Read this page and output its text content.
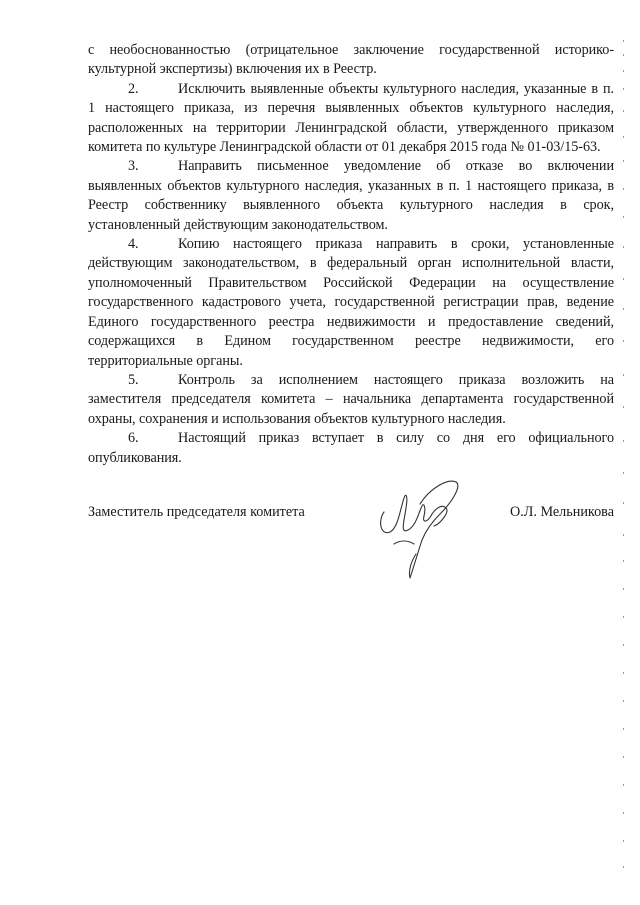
с необоснованностью (отрицательное заключение государственной историко-культурной экспертизы) включения их в Реестр.

2.	Исключить выявленные объекты культурного наследия, указанные в п. 1 настоящего приказа, из перечня выявленных объектов культурного наследия, расположенных на территории Ленинградской области, утвержденного приказом комитета по культуре Ленинградской области от 01 декабря 2015 года № 01-03/15-63.

3.	Направить письменное уведомление об отказе во включении выявленных объектов культурного наследия, указанных в п. 1 настоящего приказа, в Реестр собственнику выявленного объекта культурного наследия в срок, установленный действующим законодательством.

4.	Копию настоящего приказа направить в сроки, установленные действующим законодательством, в федеральный орган исполнительной власти, уполномоченный Правительством Российской Федерации на осуществление государственного кадастрового учета, государственной регистрации прав, ведение Единого государственного реестра недвижимости и предоставление сведений, содержащихся в Едином государственном реестре недвижимости, его территориальные органы.

5.	Контроль за исполнением настоящего приказа возложить на заместителя председателя комитета – начальника департамента государственной охраны, сохранения и использования объектов культурного наследия.

6.	Настоящий приказ вступает в силу со дня его официального опубликования.

Заместитель председателя комитета	О.Л. Мельникова
